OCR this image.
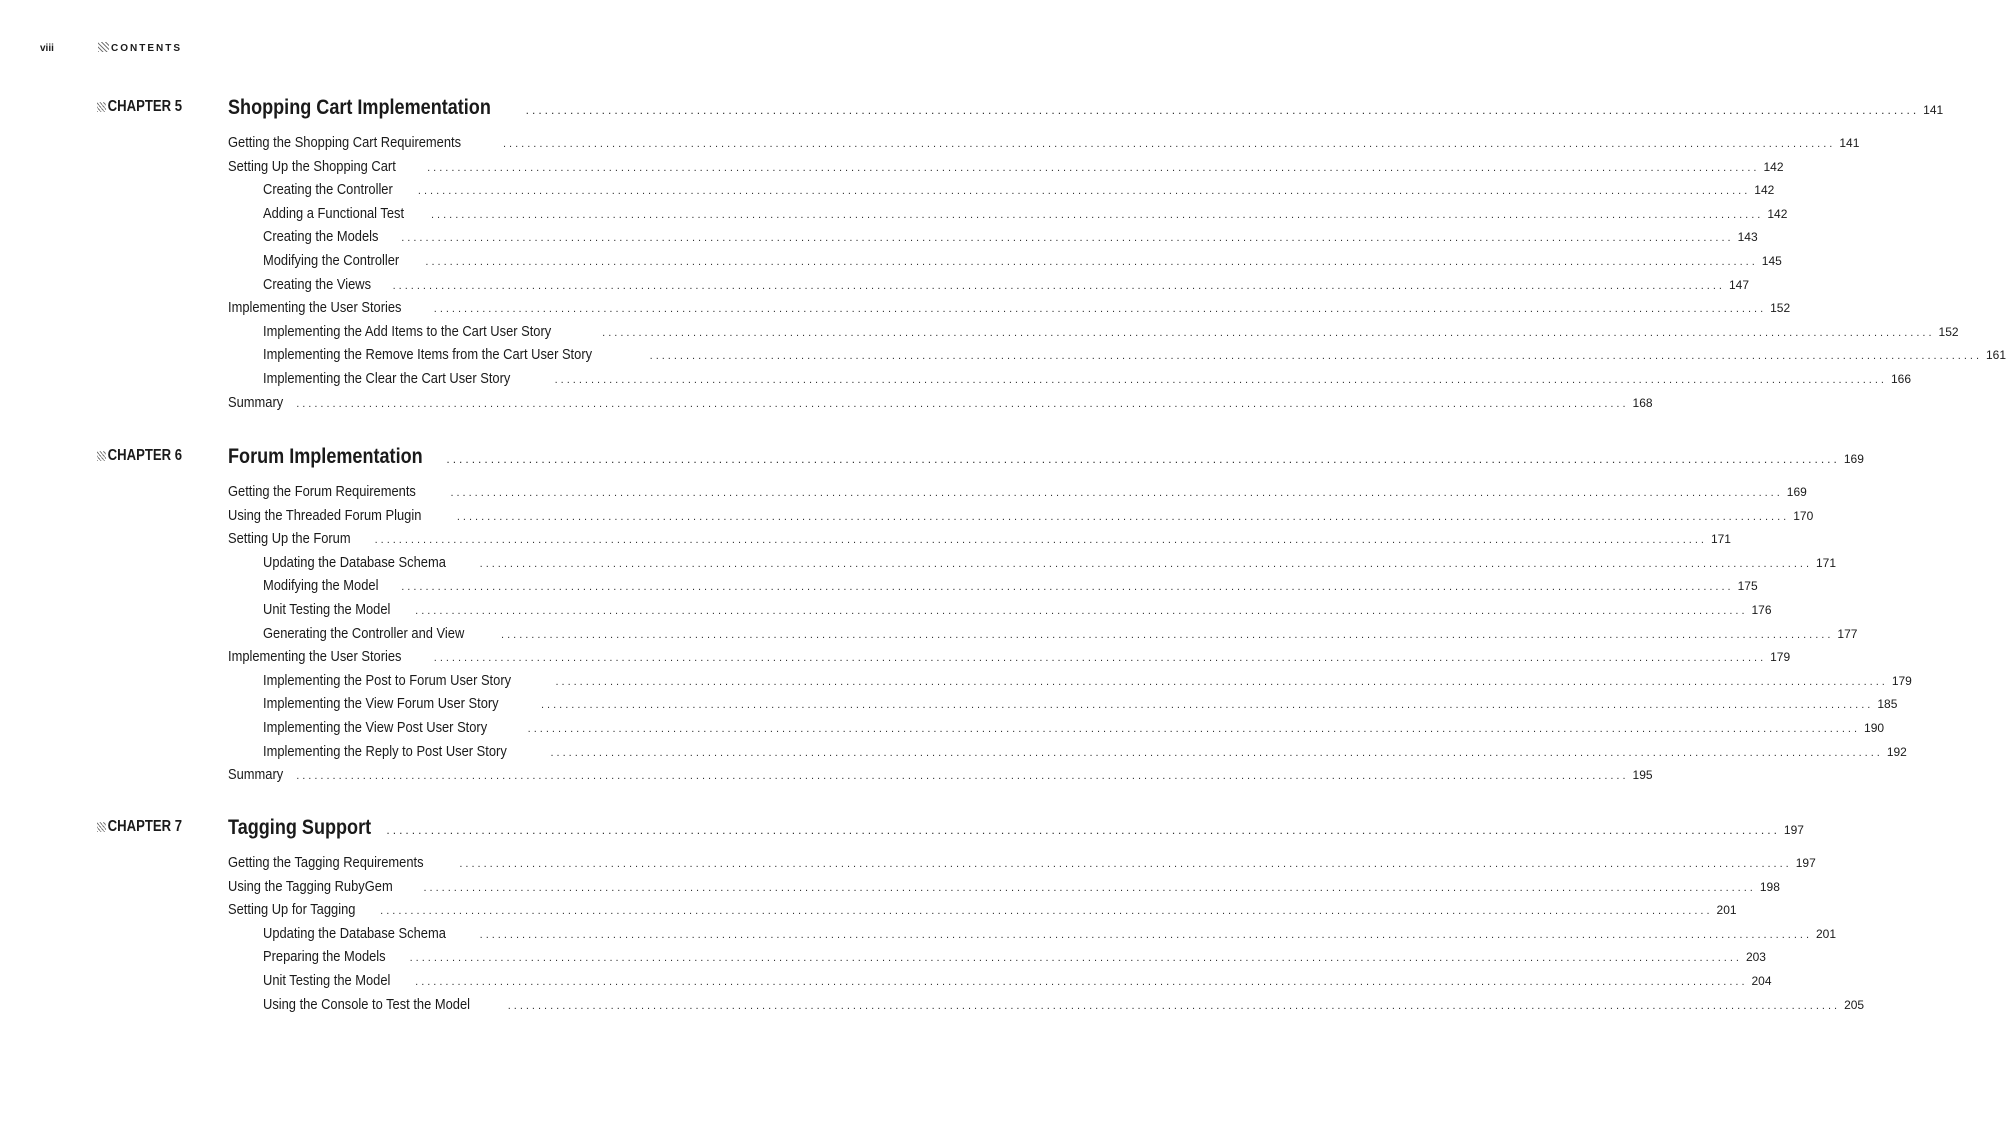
viii	CONTENTS
CHAPTER 5 Shopping Cart Implementation	............................................................................................................................................................................................................................ 141
Getting the Shopping Cart Requirements	............................................................................................................................................................................................................................ 141
Setting Up the Shopping Cart	............................................................................................................................................................................................................................ 142
Creating the Controller ............................................................................................................................................................................................................................ 142
Adding a Functional Test ............................................................................................................................................................................................................................ 142
Creating the Models ............................................................................................................................................................................................................................ 143
Modifying the Controller ............................................................................................................................................................................................................................ 145
Creating the Views ............................................................................................................................................................................................................................ 147
Implementing the User Stories	............................................................................................................................................................................................................................ 152
Implementing the Add Items to the Cart User Story	............................................................................................................................................................................................................................ 152
Implementing the Remove Items from the Cart User Story	............................................................................................................................................................................................................................ 161
Implementing the Clear the Cart User Story	............................................................................................................................................................................................................................ 166
Summary ............................................................................................................................................................................................................................ 168
CHAPTER 6 Forum Implementation ............................................................................................................................................................................................................................ 169
Getting the Forum Requirements	............................................................................................................................................................................................................................ 169
Using the Threaded Forum Plugin	............................................................................................................................................................................................................................ 170
Setting Up the Forum ............................................................................................................................................................................................................................ 171
Updating the Database Schema	............................................................................................................................................................................................................................ 171
Modifying the Model ............................................................................................................................................................................................................................ 175
Unit Testing the Model ............................................................................................................................................................................................................................ 176
Generating the Controller and View	............................................................................................................................................................................................................................ 177
Implementing the User Stories	............................................................................................................................................................................................................................ 179
Implementing the Post to Forum User Story	............................................................................................................................................................................................................................ 179
Implementing the View Forum User Story	............................................................................................................................................................................................................................ 185
Implementing the View Post User Story	............................................................................................................................................................................................................................ 190
Implementing the Reply to Post User Story	............................................................................................................................................................................................................................ 192
Summary ............................................................................................................................................................................................................................ 195
CHAPTER 7 Tagging Support ............................................................................................................................................................................................................................ 197
Getting the Tagging Requirements	............................................................................................................................................................................................................................ 197
Using the Tagging RubyGem	............................................................................................................................................................................................................................ 198
Setting Up for Tagging ............................................................................................................................................................................................................................ 201
Updating the Database Schema	............................................................................................................................................................................................................................ 201
Preparing the Models ............................................................................................................................................................................................................................ 203
Unit Testing the Model ............................................................................................................................................................................................................................ 204
Using the Console to Test the Model	............................................................................................................................................................................................................................ 205
